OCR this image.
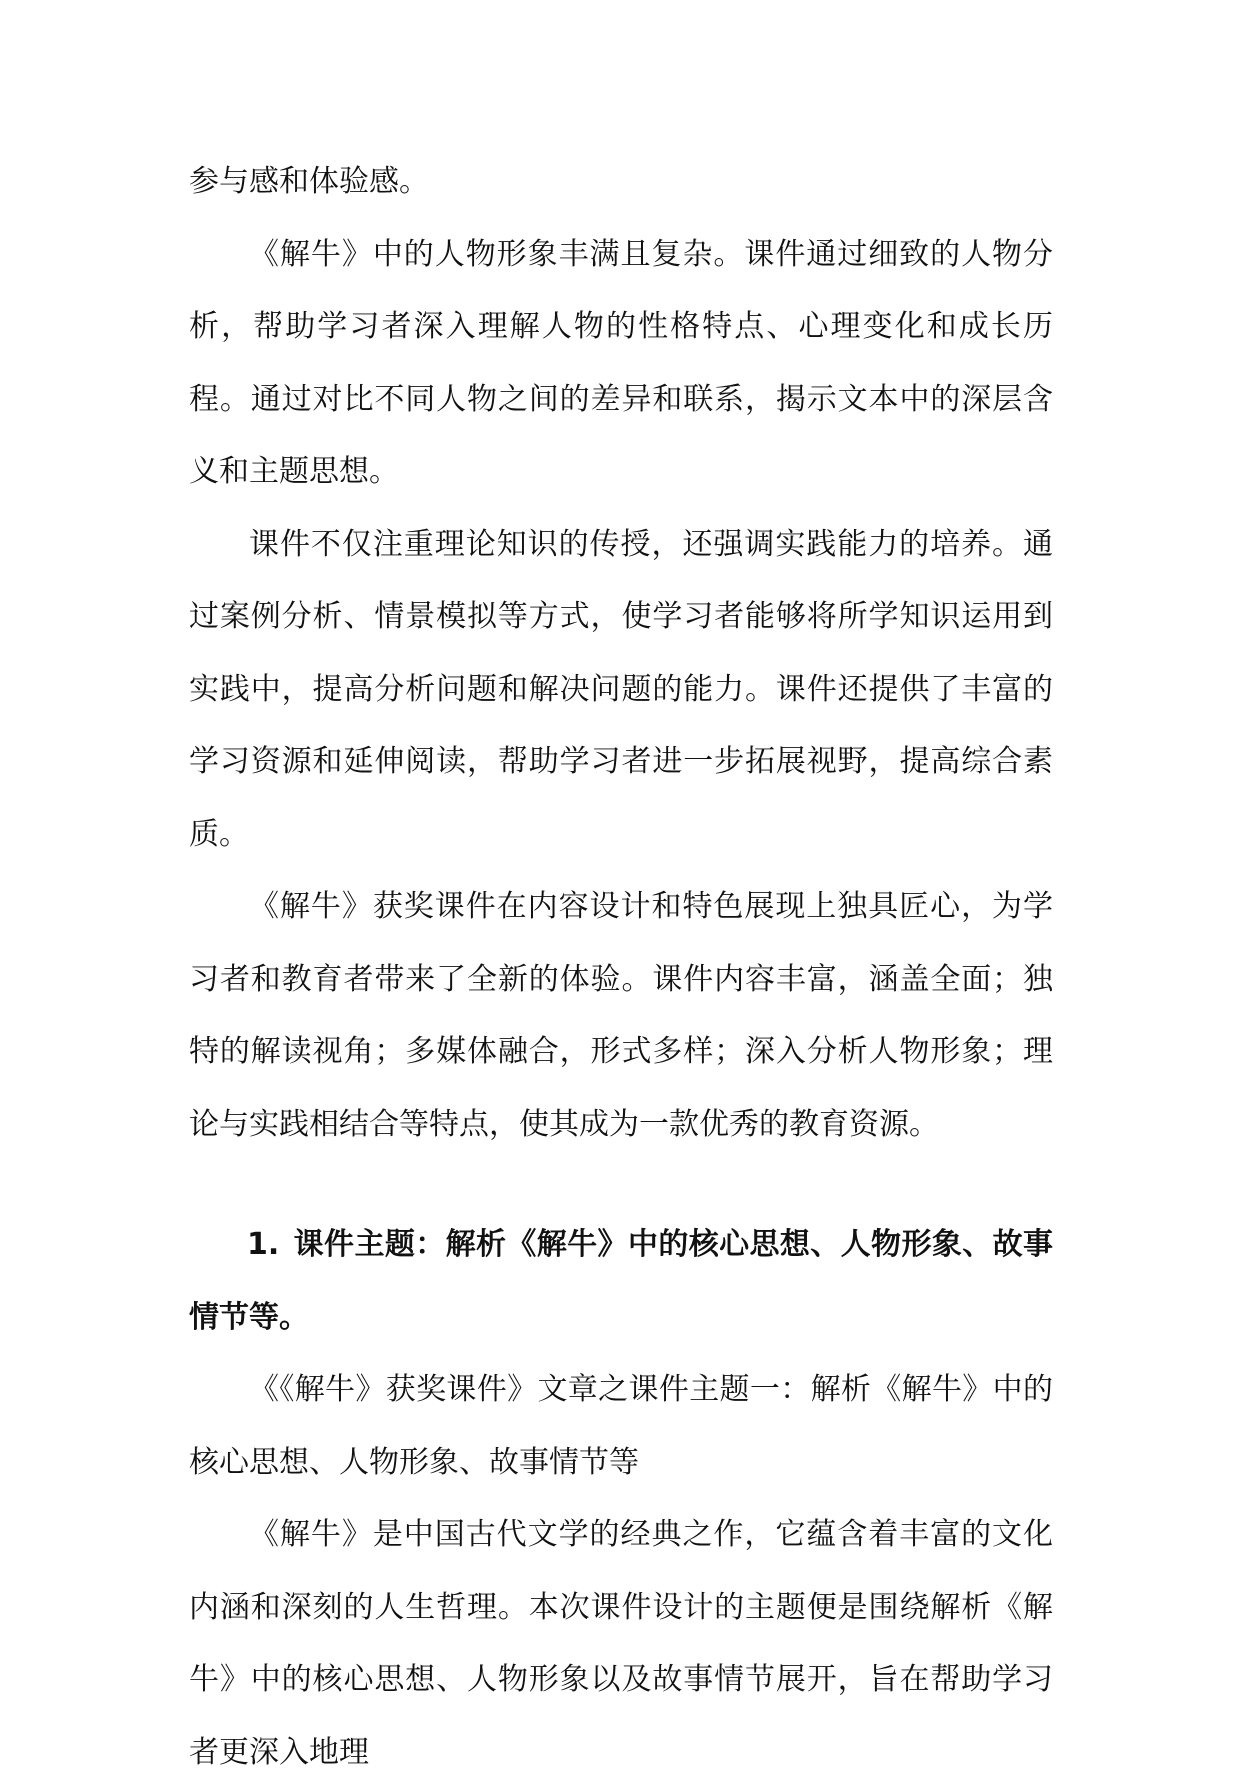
参与感和体验感。

《解牛》中的人物形象丰满且复杂。课件通过细致的人物分析，帮助学习者深入理解人物的性格特点、心理变化和成长历程。通过对比不同人物之间的差异和联系，揭示文本中的深层含义和主题思想。

课件不仅注重理论知识的传授，还强调实践能力的培养。通过案例分析、情景模拟等方式，使学习者能够将所学知识运用到实践中，提高分析问题和解决问题的能力。课件还提供了丰富的学习资源和延伸阅读，帮助学习者进一步拓展视野，提高综合素质。

《解牛》获奖课件在内容设计和特色展现上独具匠心，为学习者和教育者带来了全新的体验。课件内容丰富，涵盖全面；独特的解读视角；多媒体融合，形式多样；深入分析人物形象；理论与实践相结合等特点，使其成为一款优秀的教育资源。

1. 课件主题：解析《解牛》中的核心思想、人物形象、故事情节等。

《《解牛》获奖课件》文章之课件主题一：解析《解牛》中的核心思想、人物形象、故事情节等

《解牛》是中国古代文学的经典之作，它蕴含着丰富的文化内涵和深刻的人生哲理。本次课件设计的主题便是围绕解析《解牛》中的核心思想、人物形象以及故事情节展开，旨在帮助学习者更深入地理
